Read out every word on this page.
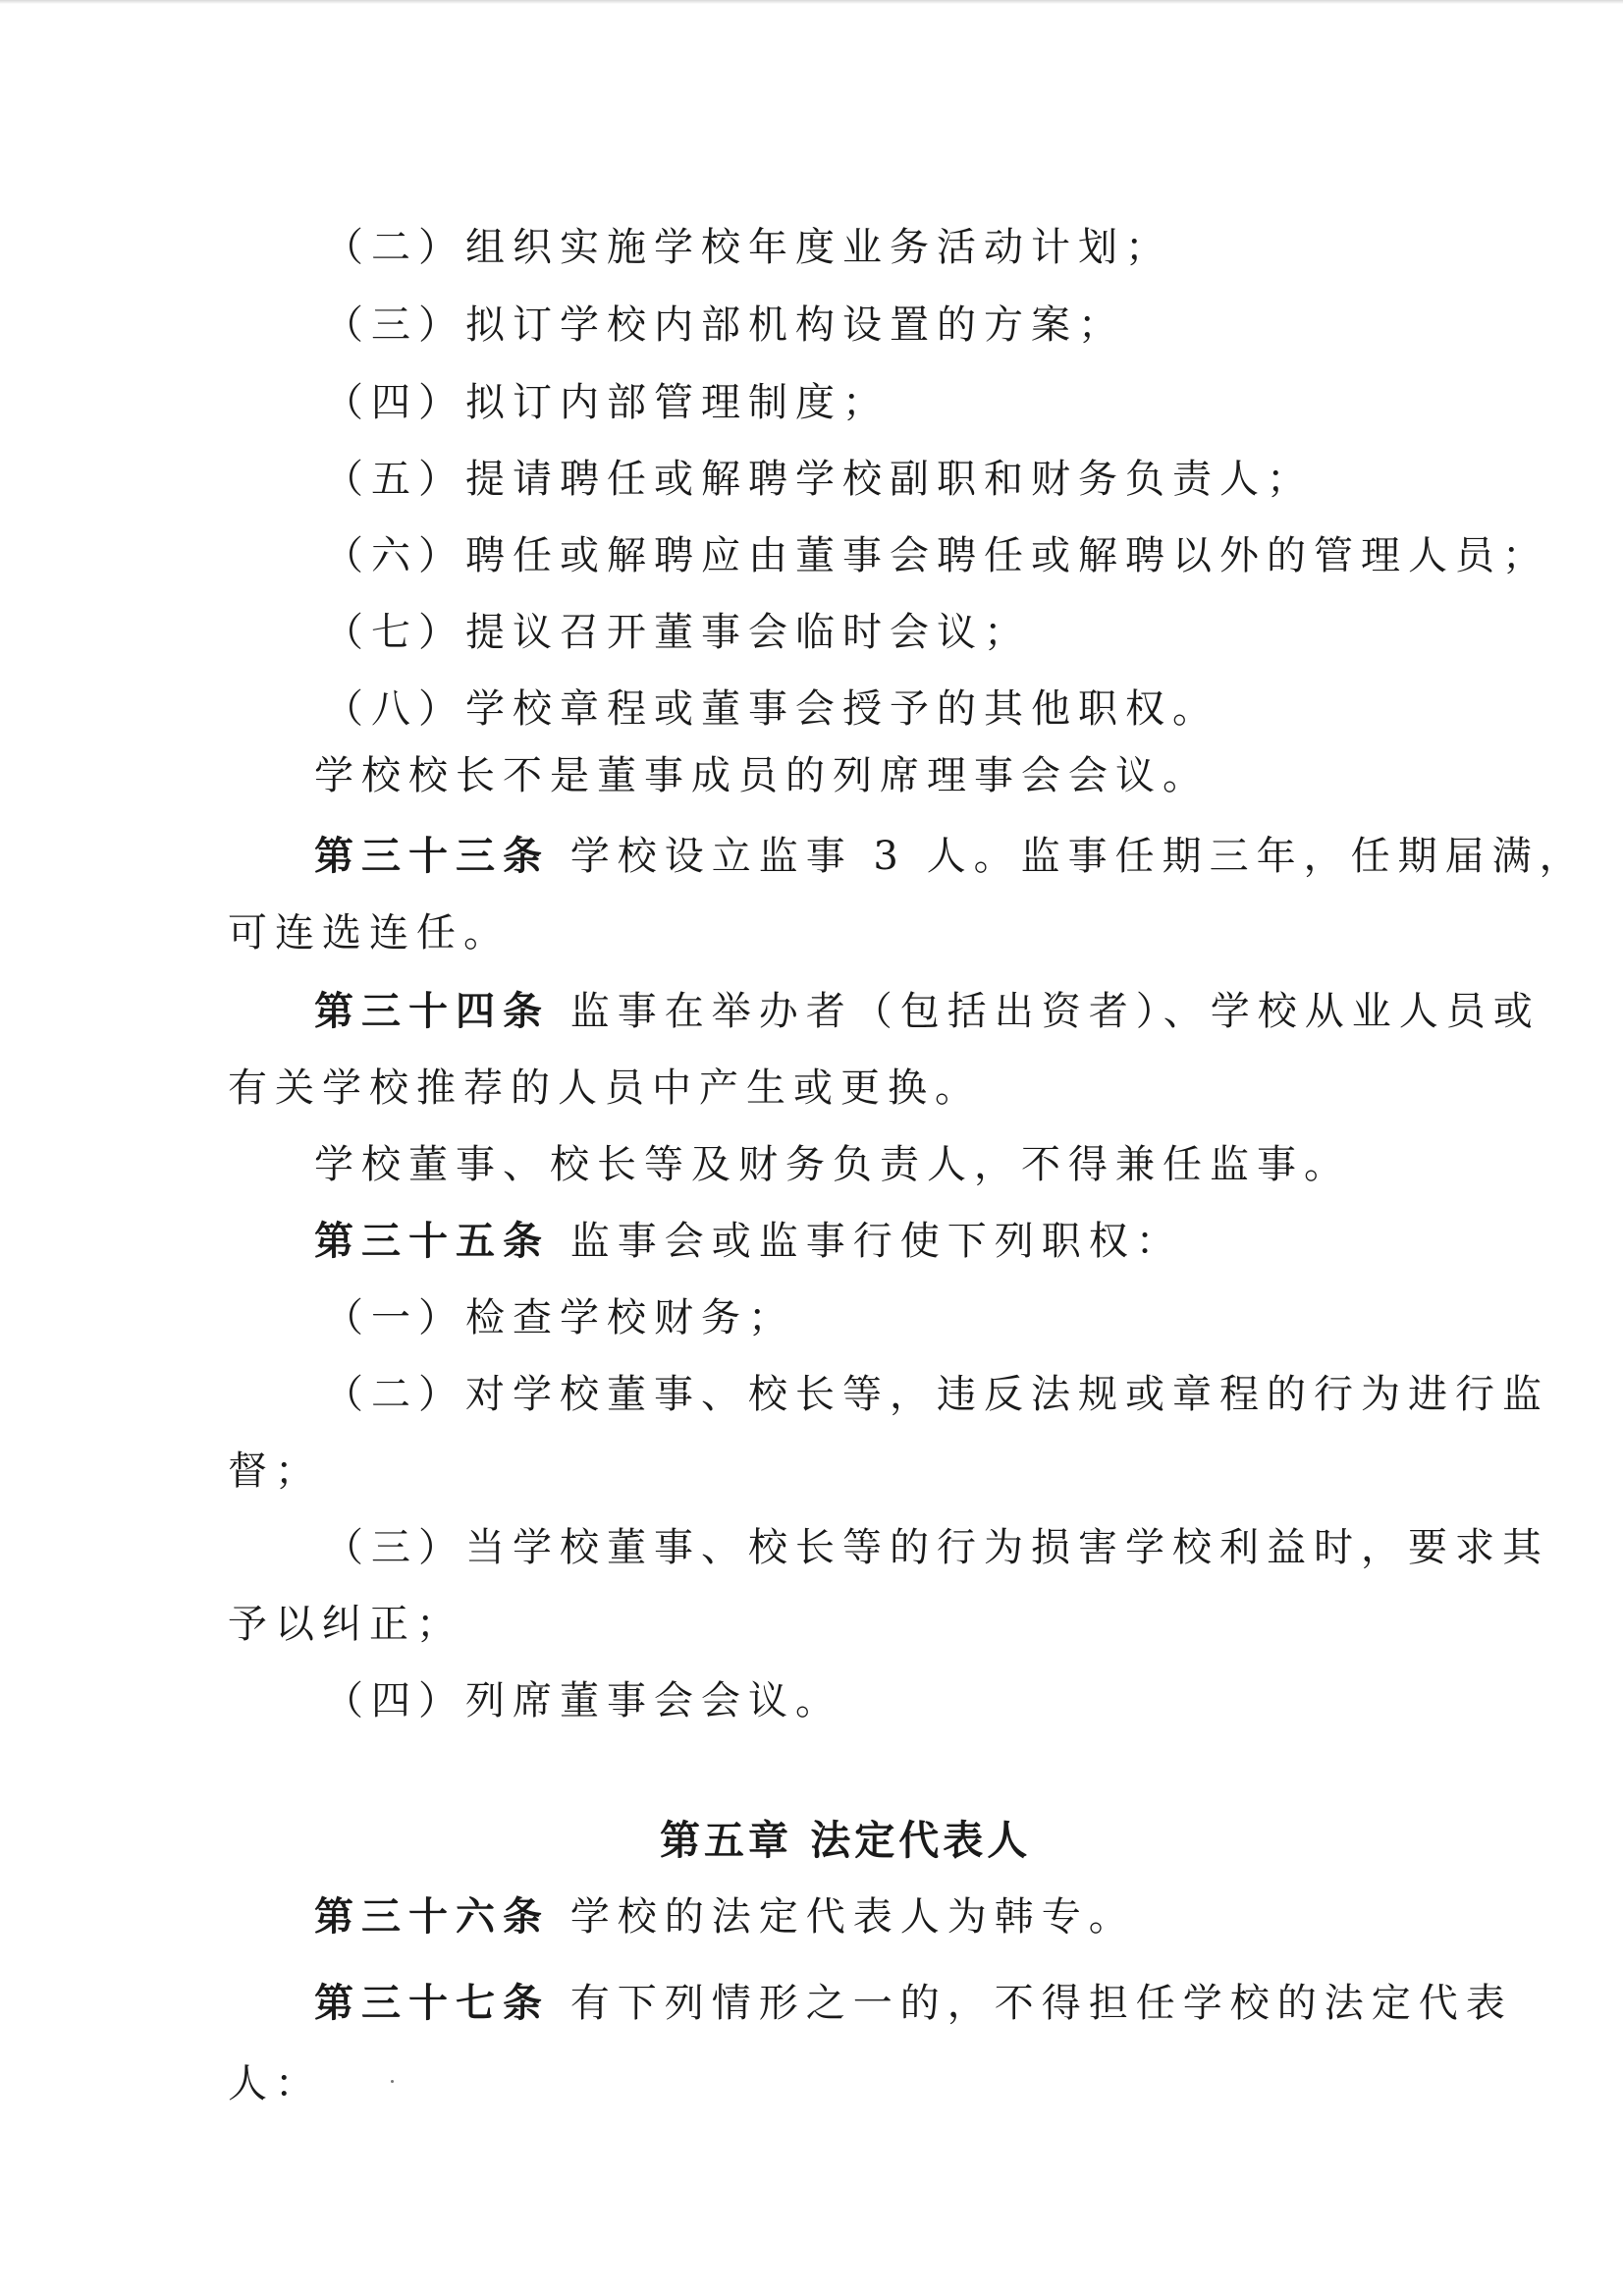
（二）组织实施学校年度业务活动计划；
（三）拟订学校内部机构设置的方案；
（四）拟订内部管理制度；
（五）提请聘任或解聘学校副职和财务负责人；
（六）聘任或解聘应由董事会聘任或解聘以外的管理人员；
（七）提议召开董事会临时会议；
（八）学校章程或董事会授予的其他职权。
学校校长不是董事成员的列席理事会会议。
第三十三条 学校设立监事 3 人。监事任期三年，任期届满，
可连选连任。
第三十四条 监事在举办者（包括出资者）、学校从业人员或
有关学校推荐的人员中产生或更换。
学校董事、校长等及财务负责人，不得兼任监事。
第三十五条 监事会或监事行使下列职权：
（一）检查学校财务；
（二）对学校董事、校长等，违反法规或章程的行为进行监
督；
（三）当学校董事、校长等的行为损害学校利益时，要求其
予以纠正；
（四）列席董事会会议。
第五章 法定代表人
第三十六条 学校的法定代表人为韩专。
第三十七条 有下列情形之一的，不得担任学校的法定代表
人：
